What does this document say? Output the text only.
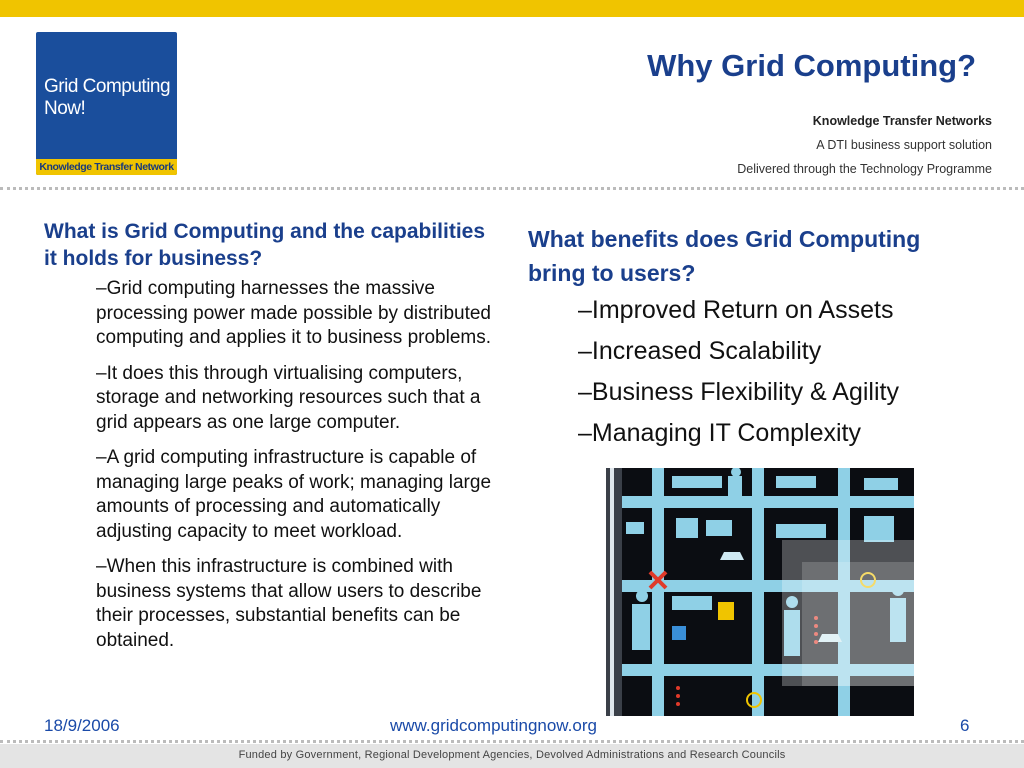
Grid Computing
Now!
Knowledge Transfer Network
Why Grid Computing?
Knowledge Transfer Networks
A DTI business support solution
Delivered through the Technology Programme
What is Grid Computing and the capabilities it holds for business?
–Grid computing harnesses the massive processing power made possible by distributed computing and applies it to business problems.
–It does this through virtualising computers, storage and networking resources such that a grid appears as one large computer.
–A grid computing infrastructure is capable of managing large peaks of work; managing large amounts of processing and automatically adjusting capacity to meet workload.
–When this infrastructure is combined with business systems that allow users to describe their processes, substantial benefits can be obtained.
What benefits does Grid Computing bring to users?
–Improved Return on Assets
–Increased Scalability
–Business Flexibility & Agility
–Managing IT Complexity
18/9/2006	www.gridcomputingnow.org	6
Funded by Government, Regional Development Agencies, Devolved Administrations and Research Councils
